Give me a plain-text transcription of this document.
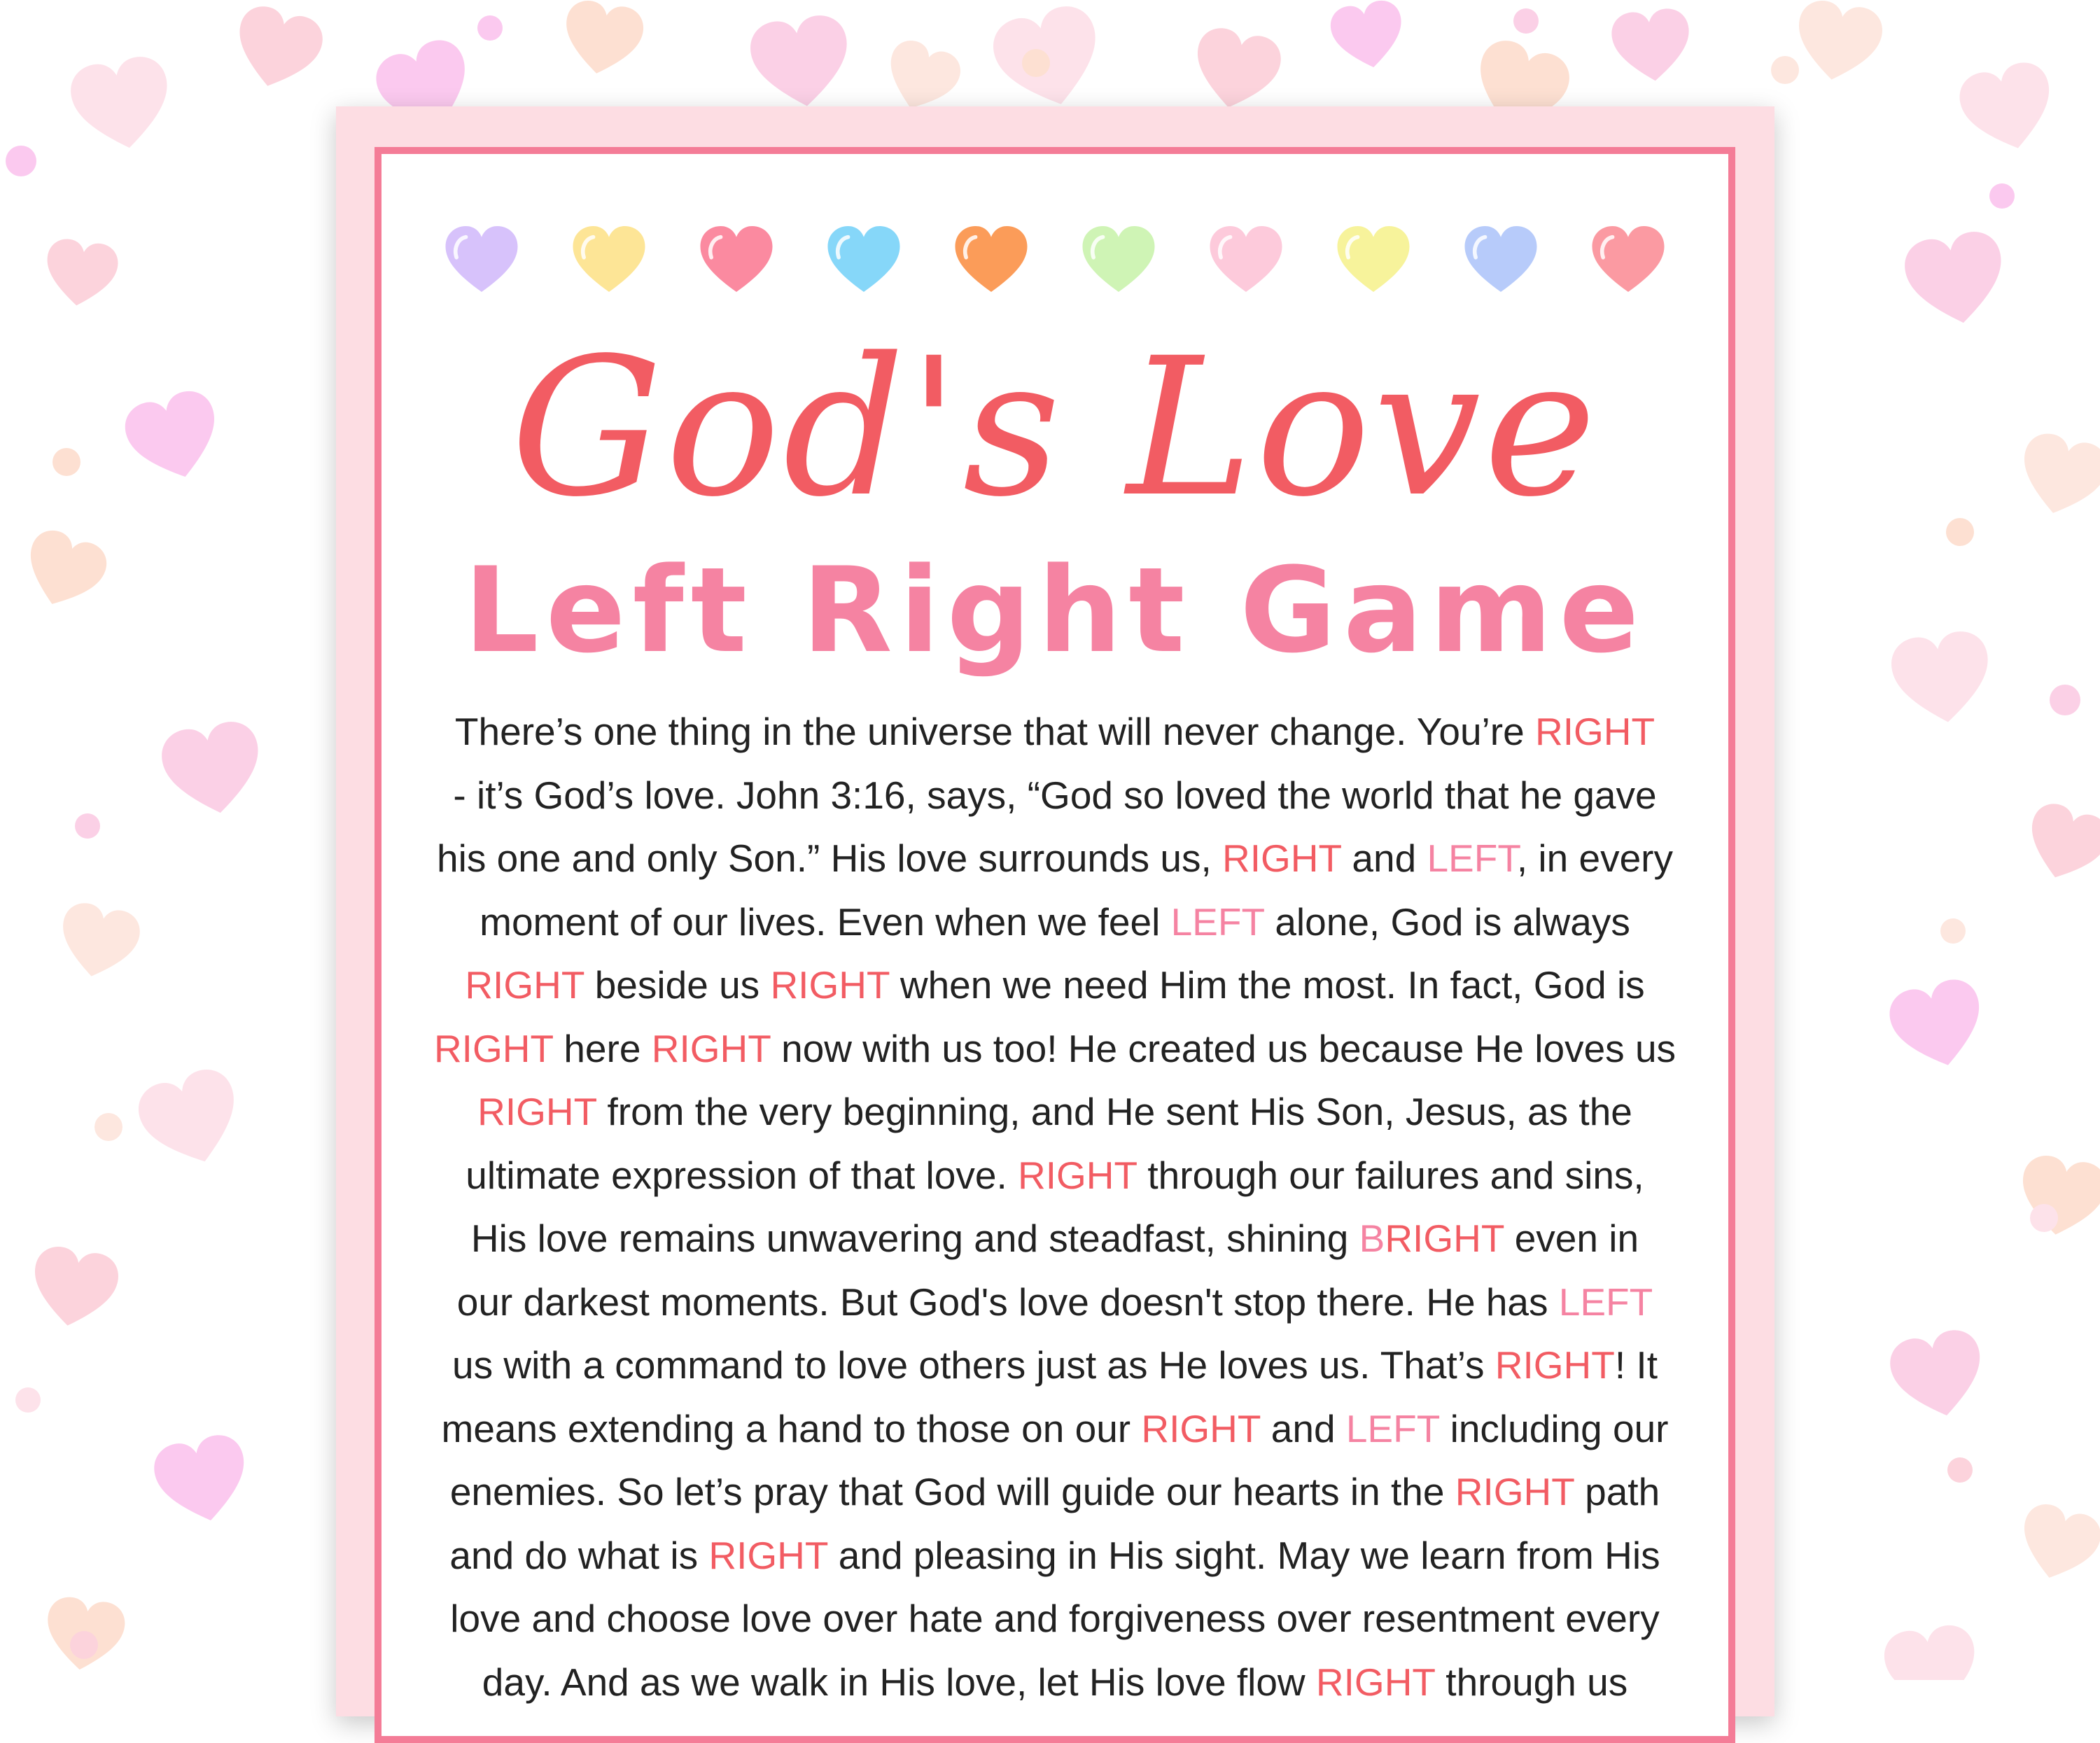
God's Love
Left Right Game
There’s one thing in the universe that will never change. You’re RIGHT
- it’s God’s love. John 3:16, says, “God so loved the world that he gave
his one and only Son.” His love surrounds us, RIGHT and LEFT, in every
moment of our lives. Even when we feel LEFT alone, God is always
RIGHT beside us RIGHT when we need Him the most. In fact, God is
RIGHT here RIGHT now with us too! He created us because He loves us
RIGHT from the very beginning, and He sent His Son, Jesus, as the
ultimate expression of that love. RIGHT through our failures and sins,
His love remains unwavering and steadfast, shining BRIGHT even in
our darkest moments. But God's love doesn't stop there. He has LEFT
us with a command to love others just as He loves us. That’s RIGHT! It
means extending a hand to those on our RIGHT and LEFT including our
enemies. So let’s pray that God will guide our hearts in the RIGHT path
and do what is RIGHT and pleasing in His sight. May we learn from His
love and choose love over hate and forgiveness over resentment every
day. And as we walk in His love, let His love flow RIGHT through us
